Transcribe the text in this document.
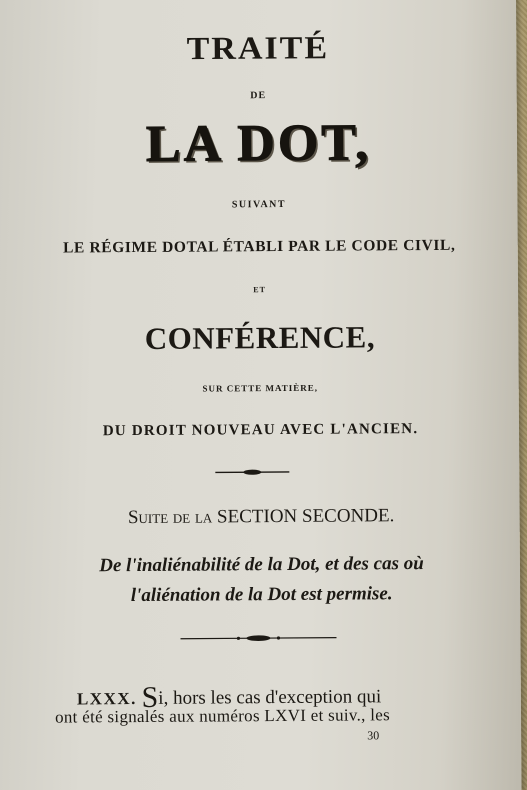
TRAITÉ
DE
LA DOT,
SUIVANT
LE RÉGIME DOTAL ÉTABLI PAR LE CODE CIVIL,
ET
CONFÉRENCE,
SUR CETTE MATIÈRE,
DU DROIT NOUVEAU AVEC L'ANCIEN.
Suite de la SECTION SECONDE.
De l'inaliénabilité de la Dot, et des cas où
l'aliénation de la Dot est permise.
LXXX. Si, hors les cas d'exception qui
ont été signalés aux numéros LXVI et suiv., les
30
